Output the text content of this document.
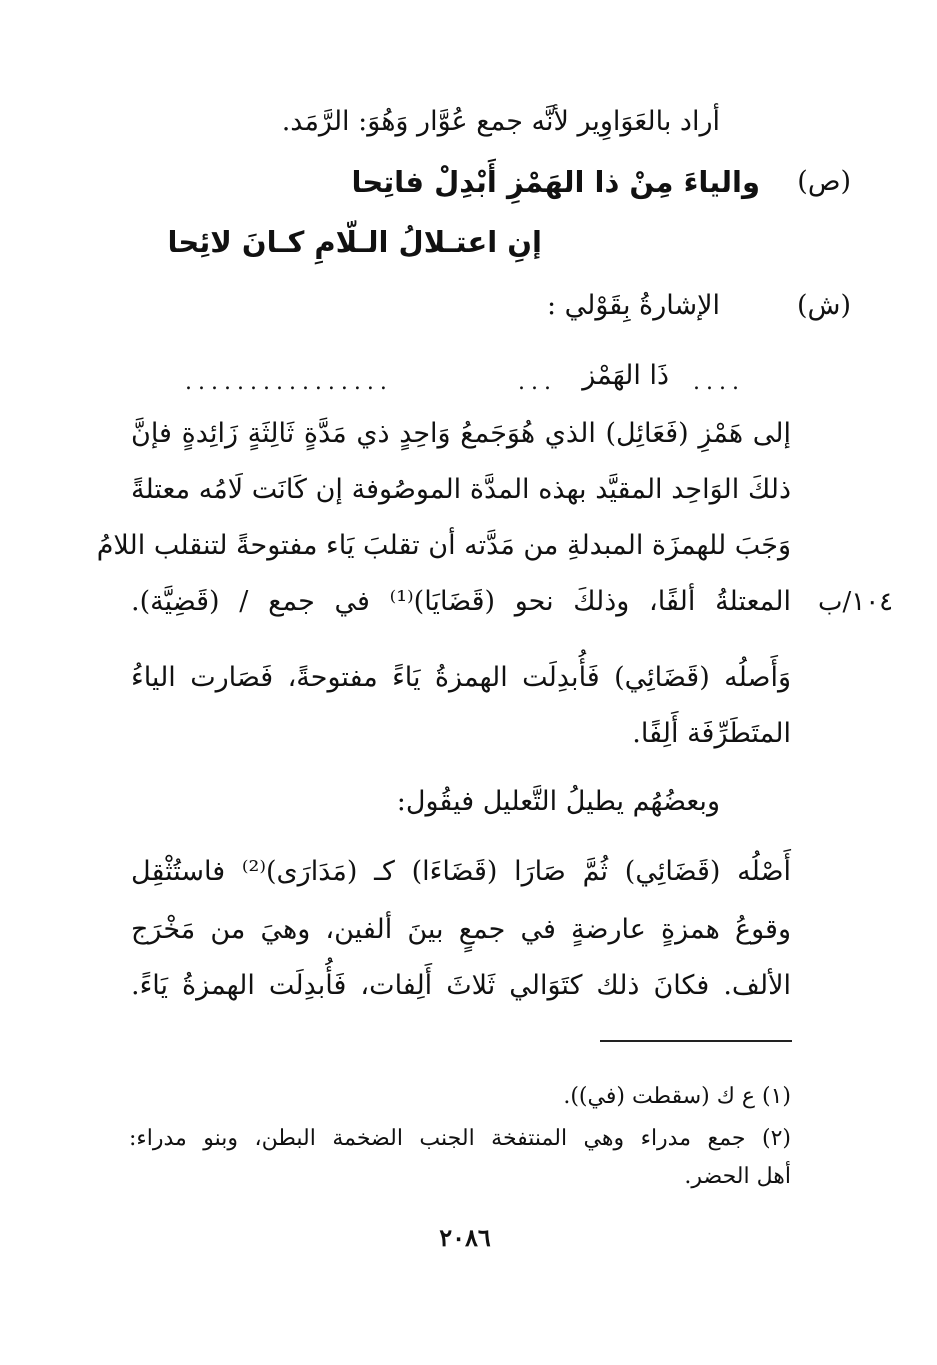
أراد بالعَوَاوِير لأنَّه جمع عُوَّار وَهُوَ: الرَّمَد.
(ص)
والياءَ مِنْ ذا الهَمْزِ أَبْدِلْ فاتِحا
إنِ اعتـلالُ الـلّامِ كـانَ لائِحا
(ش)
الإشارةُ بِقَوْلي :
ذَا الهَمْز ....
...
................
إلى هَمْزِ (فَعَائِل) الذي هُوَجَمعُ وَاحِدٍ ذي مَدَّةٍ ثَالِثَةٍ زَائِدةٍ فإنَّ
ذلكَ الوَاحِد المقيَّد بهذه المدَّة الموصُوفة إن كَانَت لَامُه معتلةً
وَجَبَ للهمزَة المبدلةِ من مَدَّته أن تقلبَ يَاء مفتوحةً لتنقلب اللامُ
المعتلةُ ألفًا، وذلكَ نحو (قَضَايَا)⁽¹⁾ في جمع / (قَضِيَّة). ١٠٤/ب
وَأَصلُه (قَضَائِي) فَأُبدِلَت الهمزةُ يَاءً مفتوحةً، فَصَارت الياءُ
المتَطَرِّفَة أَلِفًا.
وبعضُهُم يطيلُ التَّعليل فيقُول:
أَصْلُه (قَضَائِي) ثُمَّ صَارَا (قَضَاءَا) كـ (مَدَارَى)⁽²⁾ فاستُثْقِل
وقوعُ همزةٍ عارضةٍ في جمعٍ بينَ ألفين، وهيَ من مَخْرَج
الألف. فكانَ ذلك كتَوَالي ثَلاثَ أَلِفات، فَأُبدِلَت الهمزةُ يَاءً.
(١) ع ك (سقطت (في)).
(٢) جمع مدراء وهي المنتفخة الجنب الضخمة البطن، وبنو مدراء:
أهل الحضر.
٢٠٨٦
